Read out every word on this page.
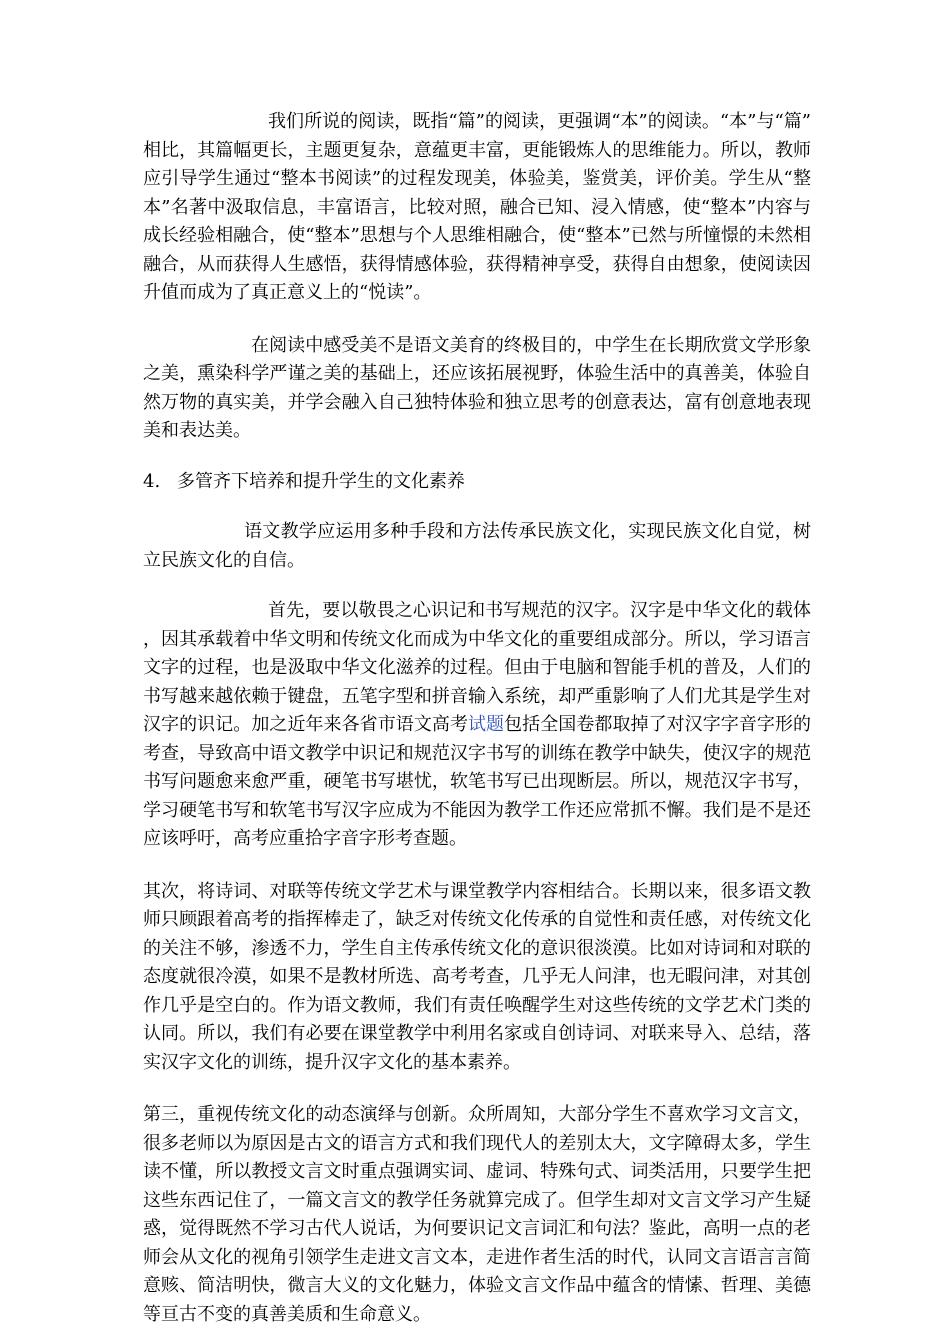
我们所说的阅读，既指“篇”的阅读，更强调“本”的阅读。“本”与“篇”相比，其篇幅更长，主题更复杂，意蕴更丰富，更能锻炼人的思维能力。所以，教师应引导学生通过“整本书阅读”的过程发现美，体验美，鉴赏美，评价美。学生从“整本”名著中汲取信息，丰富语言，比较对照，融合已知、浸入情感，使“整本”内容与成长经验相融合，使“整本”思想与个人思维相融合，使“整本”已然与所憧憬的未然相融合，从而获得人生感悟，获得情感体验，获得精神享受，获得自由想象，使阅读因升值而成为了真正意义上的“悦读”。

在阅读中感受美不是语文美育的终极目的，中学生在长期欣赏文学形象之美，熏染科学严谨之美的基础上，还应该拓展视野，体验生活中的真善美，体验自然万物的真实美，并学会融入自己独特体验和独立思考的创意表达，富有创意地表现美和表达美。

4. 多管齐下培养和提升学生的文化素养

语文教学应运用多种手段和方法传承民族文化，实现民族文化自觉，树立民族文化的自信。

首先，要以敬畏之心识记和书写规范的汉字。汉字是中华文化的载体，因其承载着中华文明和传统文化而成为中华文化的重要组成部分。所以，学习语言文字的过程，也是汲取中华文化滋养的过程。但由于电脑和智能手机的普及，人们的书写越来越依赖于键盘，五笔字型和拼音输入系统，却严重影响了人们尤其是学生对汉字的识记。加之近年来各省市语文高考试题包括全国卷都取掉了对汉字字音字形的考查，导致高中语文教学中识记和规范汉字书写的训练在教学中缺失，使汉字的规范书写问题愈来愈严重，硬笔书写堪忧，软笔书写已出现断层。所以，规范汉字书写，学习硬笔书写和软笔书写汉字应成为不能因为教学工作还应常抓不懈。我们是不是还应该呼吁，高考应重拾字音字形考查题。

其次，将诗词、对联等传统文学艺术与课堂教学内容相结合。长期以来，很多语文教师只顾跟着高考的指挥棒走了，缺乏对传统文化传承的自觉性和责任感，对传统文化的关注不够，渗透不力，学生自主传承传统文化的意识很淡漠。比如对诗词和对联的态度就很冷漠，如果不是教材所选、高考考查，几乎无人问津，也无暇问津，对其创作几乎是空白的。作为语文教师，我们有责任唤醒学生对这些传统的文学艺术门类的认同。所以，我们有必要在课堂教学中利用名家或自创诗词、对联来导入、总结，落实汉字文化的训练，提升汉字文化的基本素养。

第三，重视传统文化的动态演绎与创新。众所周知，大部分学生不喜欢学习文言文，很多老师以为原因是古文的语言方式和我们现代人的差别太大，文字障碍太多，学生读不懂，所以教授文言文时重点强调实词、虚词、特殊句式、词类活用，只要学生把这些东西记住了，一篇文言文的教学任务就算完成了。但学生却对文言文学习产生疑惑，觉得既然不学习古代人说话，为何要识记文言词汇和句法？鉴此，高明一点的老师会从文化的视角引领学生走进文言文本，走进作者生活的时代，认同文言语言言简意赅、简洁明快，微言大义的文化魅力，体验文言文作品中蕴含的情愫、哲理、美德等亘古不变的真善美质和生命意义。
